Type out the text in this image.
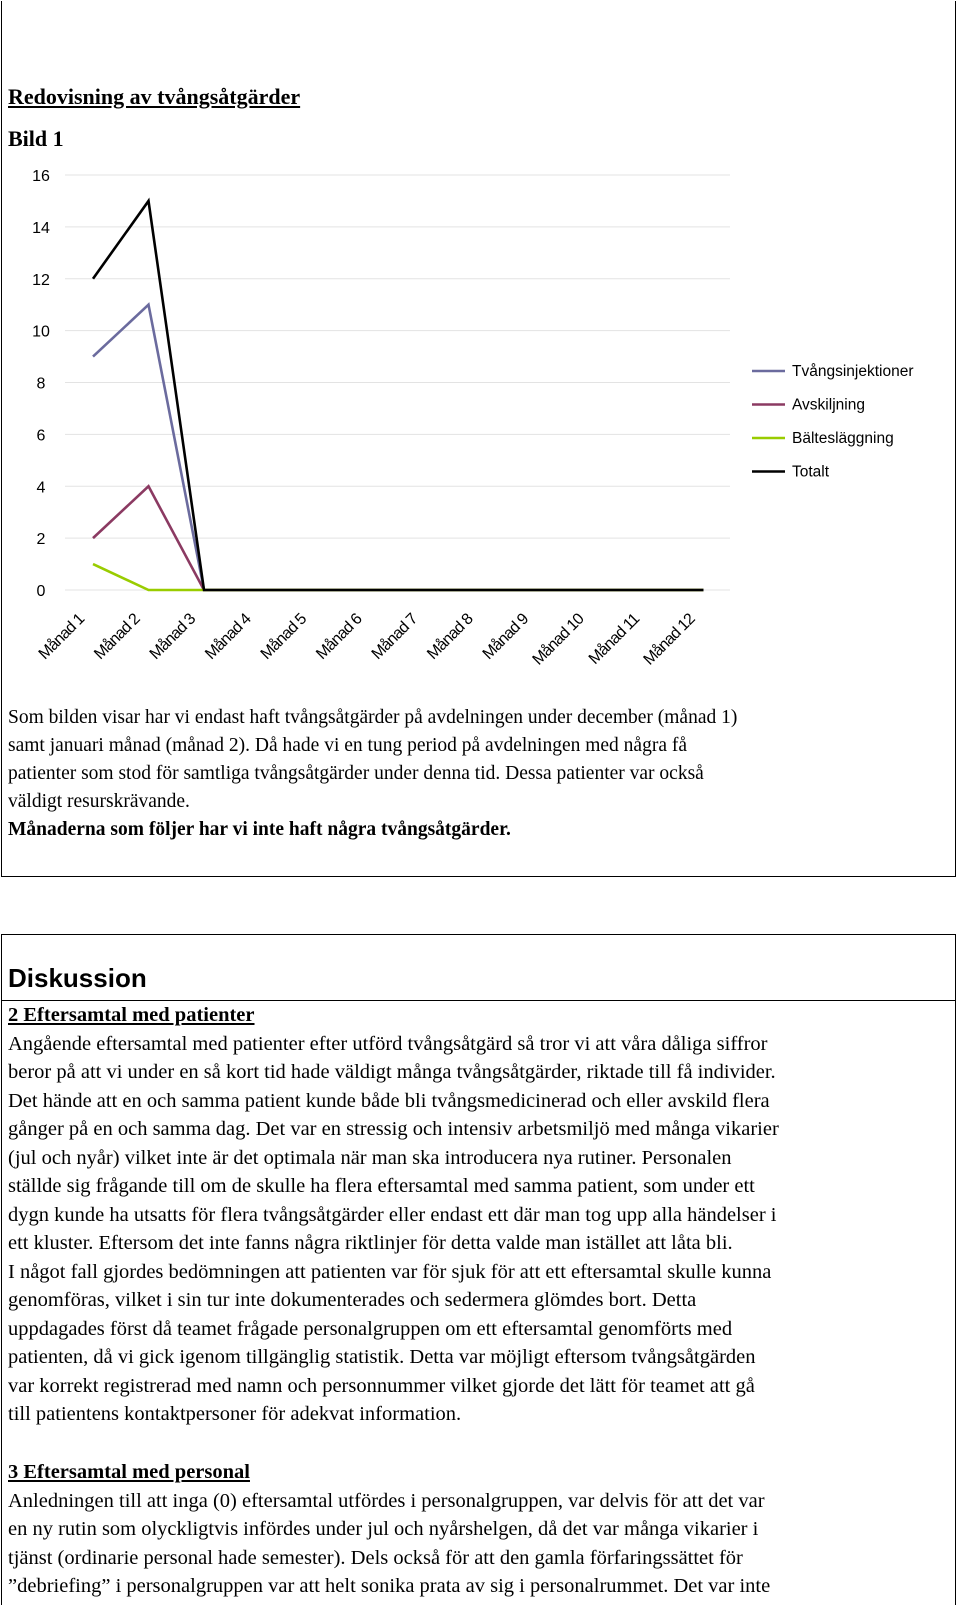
Redovisning av tvångsåtgärder
Bild 1
0
2
4
6
8
10
12
14
16
Månad 1 Månad 2 Månad 3 Månad 4 Månad 5 Månad 6 Månad 7 Månad 8 Månad 9
Månad 10
Månad 11
Månad 12
Tvångsinjektioner
Avskiljning
Bältesläggning
Totalt
Som bilden visar har vi endast haft tvångsåtgärder på avdelningen under december (månad 1)
samt januari månad (månad 2). Då hade vi en tung period på avdelningen med några få
patienter som stod för samtliga tvångsåtgärder under denna tid. Dessa patienter var också
väldigt resurskrävande.
Månaderna som följer har vi inte haft några tvångsåtgärder.
Diskussion
2 Eftersamtal med patienter
Angående eftersamtal med patienter efter utförd tvångsåtgärd så tror vi att våra dåliga siffror
beror på att vi under en så kort tid hade väldigt många tvångsåtgärder, riktade till få individer.
Det hände att en och samma patient kunde både bli tvångsmedicinerad och eller avskild flera
gånger på en och samma dag. Det var en stressig och intensiv arbetsmiljö med många vikarier
(jul och nyår) vilket inte är det optimala när man ska introducera nya rutiner. Personalen
ställde sig frågande till om de skulle ha flera eftersamtal med samma patient, som under ett
dygn kunde ha utsatts för flera tvångsåtgärder eller endast ett där man tog upp alla händelser i
ett kluster. Eftersom det inte fanns några riktlinjer för detta valde man istället att låta bli.
I något fall gjordes bedömningen att patienten var för sjuk för att ett eftersamtal skulle kunna
genomföras, vilket i sin tur inte dokumenterades och sedermera glömdes bort. Detta
uppdagades först då teamet frågade personalgruppen om ett eftersamtal genomförts med
patienten, då vi gick igenom tillgänglig statistik. Detta var möjligt eftersom tvångsåtgärden
var korrekt registrerad med namn och personnummer vilket gjorde det lätt för teamet att gå
till patientens kontaktpersoner för adekvat information.
3 Eftersamtal med personal
Anledningen till att inga (0) eftersamtal utfördes i personalgruppen, var delvis för att det var
en ny rutin som olyckligtvis infördes under jul och nyårshelgen, då det var många vikarier i
tjänst (ordinarie personal hade semester). Dels också för att den gamla förfaringssättet för
”debriefing” i personalgruppen var att helt sonika prata av sig i personalrummet. Det var inte
